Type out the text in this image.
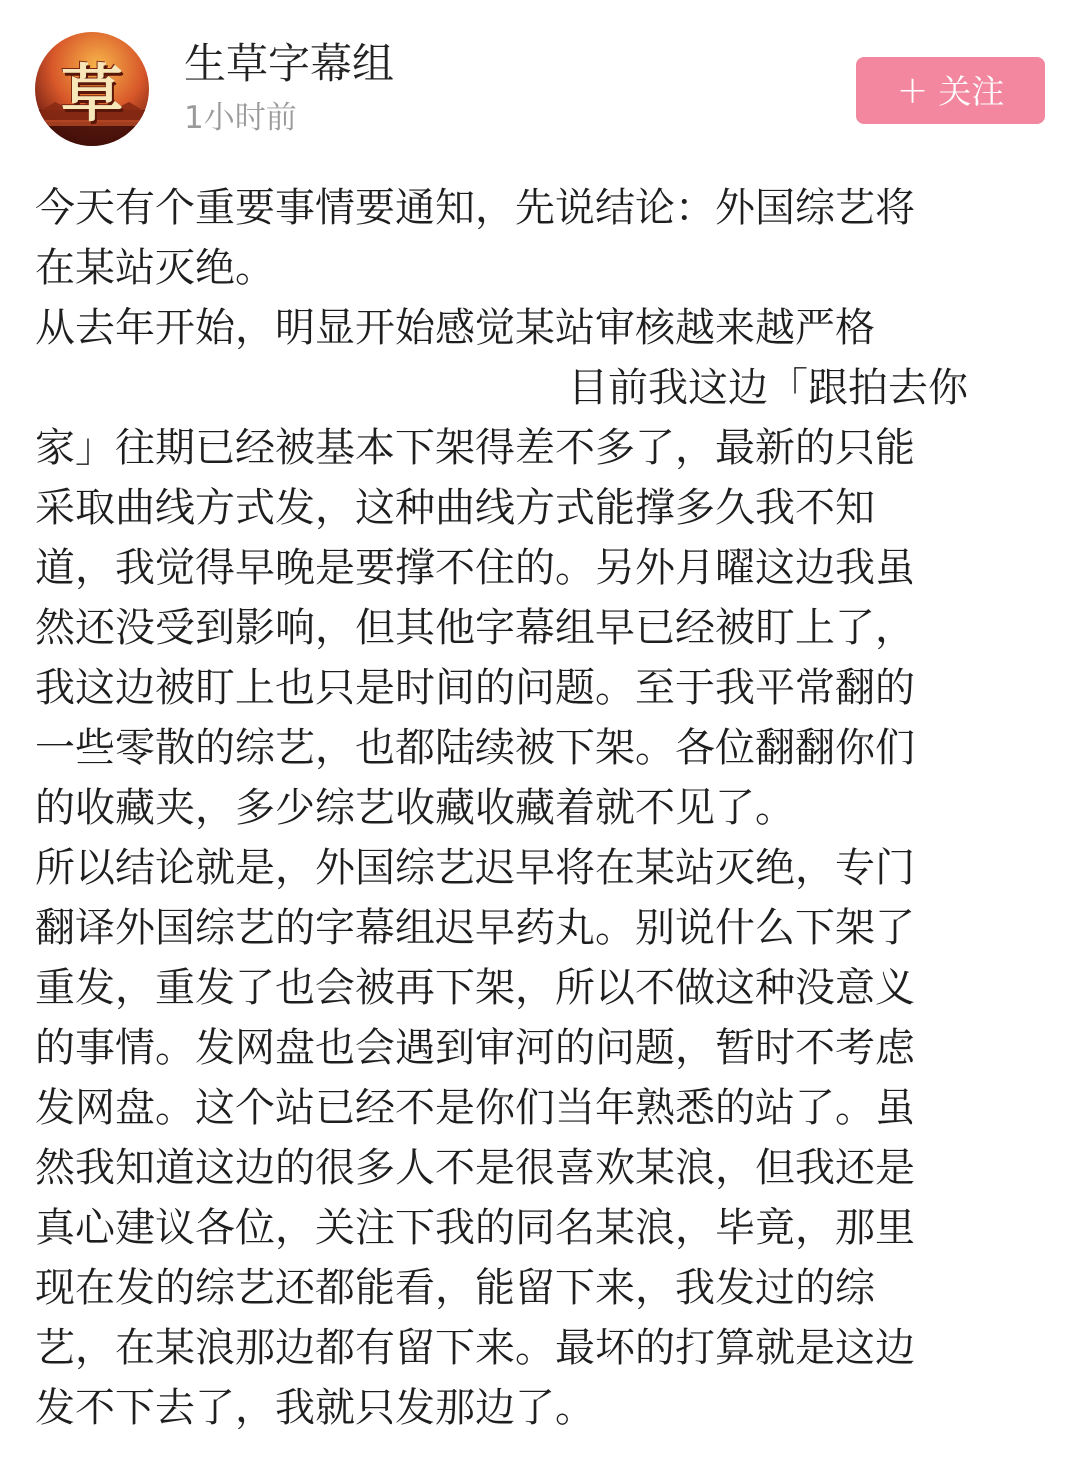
草	生草字幕组
1小时前
+ 关注
今天有个重要事情要通知，先说结论：外国综艺将
在某站灭绝。
从去年开始，明显开始感觉某站审核越来越严格
目前我这边「跟拍去你
家」往期已经被基本下架得差不多了，最新的只能
采取曲线方式发，这种曲线方式能撑多久我不知
道，我觉得早晚是要撑不住的。另外月曜这边我虽
然还没受到影响，但其他字幕组早已经被盯上了，
我这边被盯上也只是时间的问题。至于我平常翻的
一些零散的综艺，也都陆续被下架。各位翻翻你们
的收藏夹，多少综艺收藏收藏着就不见了。
所以结论就是，外国综艺迟早将在某站灭绝，专门
翻译外国综艺的字幕组迟早药丸。别说什么下架了
重发，重发了也会被再下架，所以不做这种没意义
的事情。发网盘也会遇到审河的问题，暂时不考虑
发网盘。这个站已经不是你们当年熟悉的站了。虽
然我知道这边的很多人不是很喜欢某浪，但我还是
真心建议各位，关注下我的同名某浪，毕竟，那里
现在发的综艺还都能看，能留下来，我发过的综
艺，在某浪那边都有留下来。最坏的打算就是这边
发不下去了，我就只发那边了。
